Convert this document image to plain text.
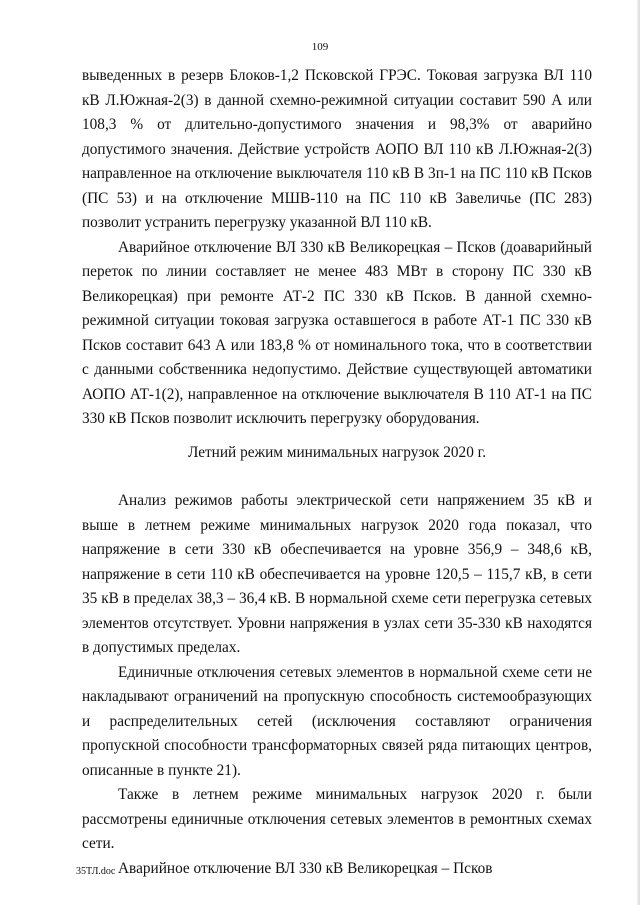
109

выведенных в резерв Блоков-1,2 Псковской ГРЭС. Токовая загрузка ВЛ 110 кВ Л.Южная-2(3) в данной схемно-режимной ситуации составит 590 А или 108,3 % от длительно-допустимого значения и 98,3% от аварийно допустимого значения. Действие устройств АОПО ВЛ 110 кВ Л.Южная-2(3) направленное на отключение выключателя 110 кВ В 3п-1 на ПС 110 кВ Псков (ПС 53) и на отключение МШВ-110 на ПС 110 кВ Завеличье (ПС 283) позволит устранить перегрузку указанной ВЛ 110 кВ.

Аварийное отключение ВЛ 330 кВ Великорецкая – Псков (доаварийный переток по линии составляет не менее 483 МВт в сторону ПС 330 кВ Великорецкая) при ремонте АТ-2 ПС 330 кВ Псков. В данной схемно-режимной ситуации токовая загрузка оставшегося в работе АТ-1 ПС 330 кВ Псков составит 643 А или 183,8 % от номинального тока, что в соответствии с данными собственника недопустимо. Действие существующей автоматики АОПО АТ-1(2), направленное на отключение выключателя В 110 АТ-1 на ПС 330 кВ Псков позволит исключить перегрузку оборудования.

Летний режим минимальных нагрузок 2020 г.

Анализ режимов работы электрической сети напряжением 35 кВ и выше в летнем режиме минимальных нагрузок 2020 года показал, что напряжение в сети 330 кВ обеспечивается на уровне 356,9 – 348,6 кВ, напряжение в сети 110 кВ обеспечивается на уровне 120,5 – 115,7 кВ, в сети 35 кВ в пределах 38,3 – 36,4 кВ. В нормальной схеме сети перегрузка сетевых элементов отсутствует. Уровни напряжения в узлах сети 35-330 кВ находятся в допустимых пределах.

Единичные отключения сетевых элементов в нормальной схеме сети не накладывают ограничений на пропускную способность системообразующих и распределительных сетей (исключения составляют ограничения пропускной способности трансформаторных связей ряда питающих центров, описанные в пункте 21).

Также в летнем режиме минимальных нагрузок 2020 г. были рассмотрены единичные отключения сетевых элементов в ремонтных схемах сети.

Аварийное отключение ВЛ 330 кВ Великорецкая – Псков

35ТЛ.doc
